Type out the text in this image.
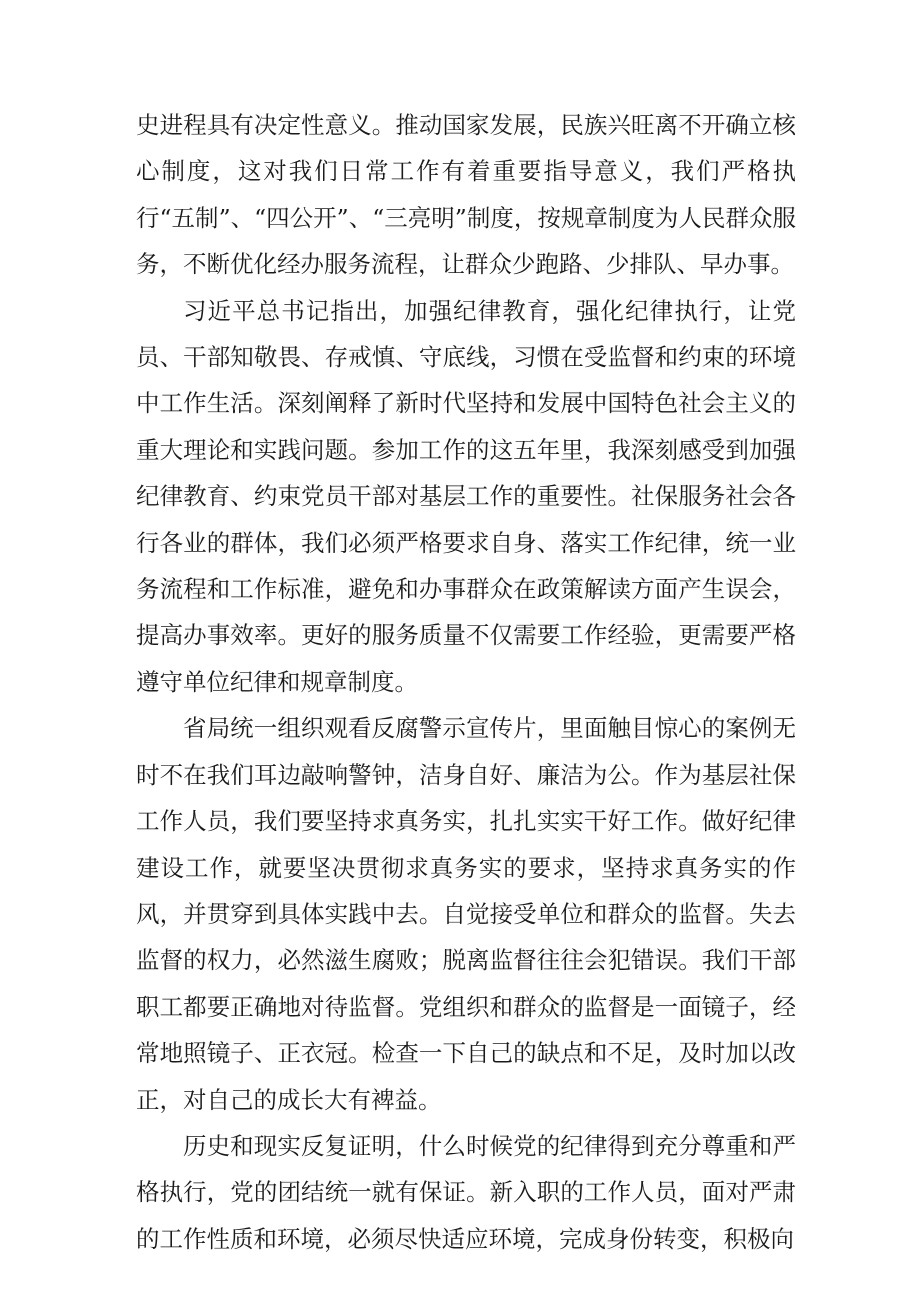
史进程具有决定性意义。推动国家发展，民族兴旺离不开确立核心制度，这对我们日常工作有着重要指导意义，我们严格执行“五制”、“四公开”、“三亮明”制度，按规章制度为人民群众服务，不断优化经办服务流程，让群众少跑路、少排队、早办事。

习近平总书记指出，加强纪律教育，强化纪律执行，让党员、干部知敬畏、存戒慎、守底线，习惯在受监督和约束的环境中工作生活。深刻阐释了新时代坚持和发展中国特色社会主义的重大理论和实践问题。参加工作的这五年里，我深刻感受到加强纪律教育、约束党员干部对基层工作的重要性。社保服务社会各行各业的群体，我们必须严格要求自身、落实工作纪律，统一业务流程和工作标准，避免和办事群众在政策解读方面产生误会，提高办事效率。更好的服务质量不仅需要工作经验，更需要严格遵守单位纪律和规章制度。

省局统一组织观看反腐警示宣传片，里面触目惊心的案例无时不在我们耳边敲响警钟，洁身自好、廉洁为公。作为基层社保工作人员，我们要坚持求真务实，扎扎实实干好工作。做好纪律建设工作，就要坚决贯彻求真务实的要求，坚持求真务实的作风，并贯穿到具体实践中去。自觉接受单位和群众的监督。失去监督的权力，必然滋生腐败；脱离监督往往会犯错误。我们干部职工都要正确地对待监督。党组织和群众的监督是一面镜子，经常地照镜子、正衣冠。检查一下自己的缺点和不足，及时加以改正，对自己的成长大有裨益。

历史和现实反复证明，什么时候党的纪律得到充分尊重和严格执行，党的团结统一就有保证。新入职的工作人员，面对严肃的工作性质和环境，必须尽快适应环境，完成身份转变，积极向
